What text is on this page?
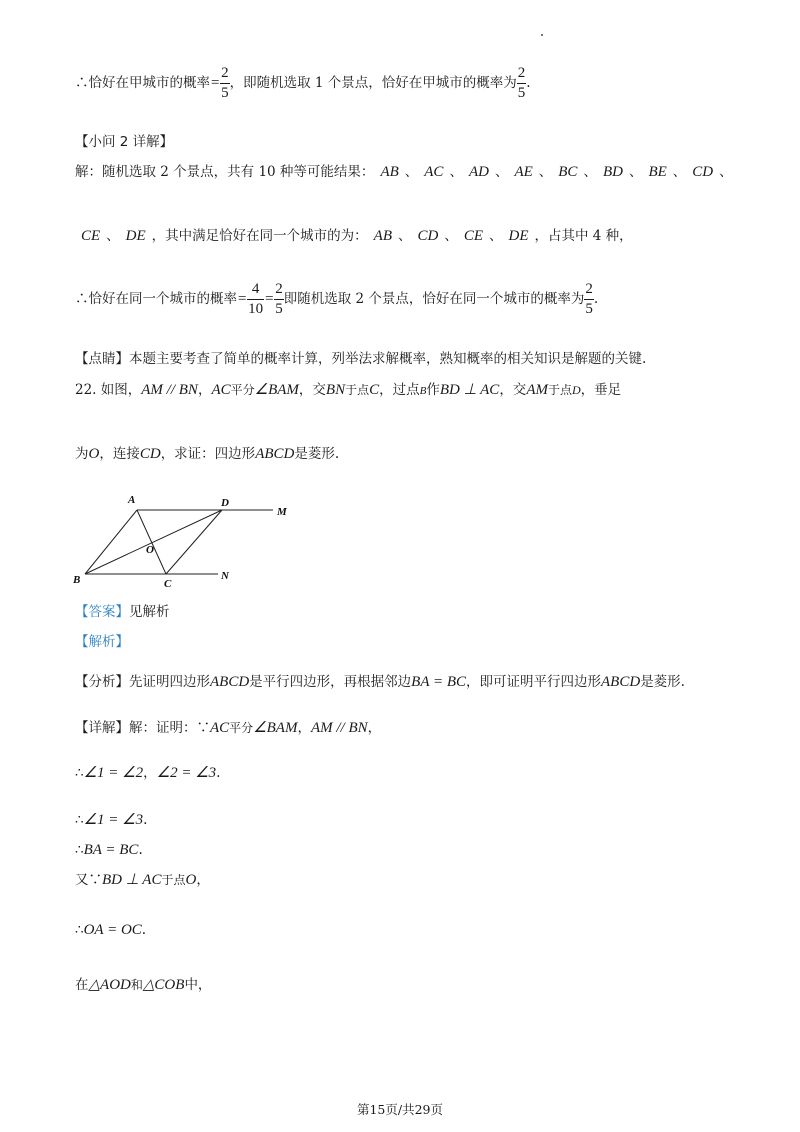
∴恰好在甲城市的概率= $\frac{2}{5}$ ，即随机选取 1 个景点，恰好在甲城市的概率为 $\frac{2}{5}$ .
【小问 2 详解】
解：随机选取 2 个景点，共有 10 种等可能结果： AB 、 AC 、 AD 、 AE 、 BC 、 BD 、 BE 、 CD 、
CE 、 DE ，其中满足恰好在同一个城市的为： AB 、 CD 、 CE 、 DE ，占其中 4 种，
∴恰好在同一个城市的概率= $\frac{4}{10} = \frac{2}{5}$ 即随机选取 2 个景点，恰好在同一个城市的概率为 $\frac{2}{5}$ .
【点睛】本题主要考查了简单的概率计算，列举法求解概率，熟知概率的相关知识是解题的关键.
22. 如图，AM // BN，AC平分∠BAM，交BN于点C，过点B作BD ⊥ AC，交AM于点D，垂足
为O，连接CD，求证：四边形ABCD是菱形.
A	D
M
O
B	C
N
【答案】见解析
【解析】
【分析】先证明四边形ABCD是平行四边形，再根据邻边BA = BC，即可证明平行四边形ABCD是菱形.
【详解】解：证明：∵AC平分∠BAM，AM // BN，
∴∠1 = ∠2，∠2 = ∠3.
∴∠1 = ∠3.
∴BA = BC.
又∵BD ⊥ AC于点O，
∴OA = OC.
在△AOD和△COB中，
第15页/共29页
